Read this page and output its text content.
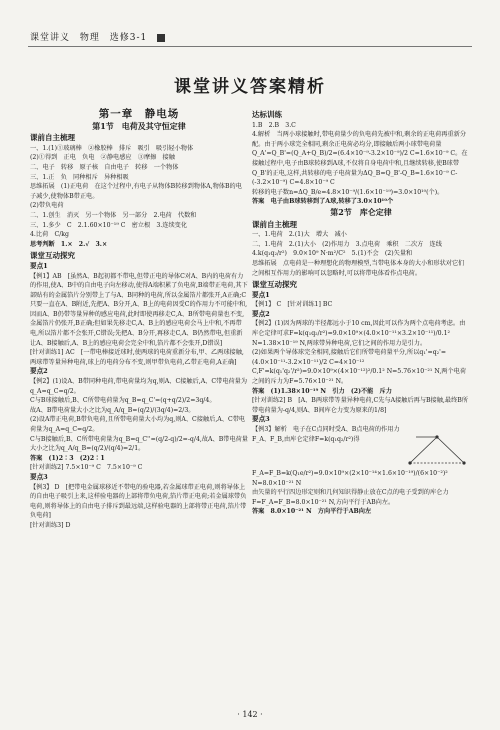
课堂讲义 物理 选修3-1
课堂讲义答案精析
第一章　静电场
第1节　电荷及其守恒定律
课前自主梳理

一、1.(1)①玻璃棒　②橡胶棒　排斥　吸引　吸引轻小物体

(2)①得到　正电　负电　②静电感应　③摩擦　接触

二、电子　转移　原子核　自由电子　转移　一个物体

三、1.正　负　同种相斥　异种相吸

思维拓展　(1)正电荷　在这个过程中,有电子从物体B转移到物体A,物体B的电子减少,使物体B带正电。

(2)带负电荷

二、1.创生　消灭　另一个物体　另一部分　2.电荷　代数和

三、1.多少　C　2.1.60×10⁻¹⁹ C　密立根　3.连续变化

4.比荷　C/kg

思考判断　1.×　2.√　3.×

课堂互动探究

要点1

【例1】AB　[虽然A、B起初都不带电,但带正电的导体C对A、B内的电荷有力的作用,使A、B中的自由电子向左移动,使得A端积累了负电荷,B端带正电荷,其下部贴有的金属箔片分别带上了与A、B同种的电荷,所以金属箔片都张开,A正确;C只要一直在A、B附近,先把A、B分开,A、B上的电荷因受C的作用力不可能中和,因而A、B仍带等量异种的感应电荷,此时即使再移走C,A、B所带电荷量也不变,金属箔片仍张开,B正确;但如果先移走C,A、B上的感应电荷会马上中和,不再带电,所以箔片都不会张开,C错误;先把A、B分开,再移走C,A、B仍然带电,但重新让A、B接触后,A、B上的感应电荷会完全中和,箔片都不会张开,D错误]

[针对训练1] AC　[一带电棒接近球时,使两球的电荷重新分布,甲、乙两球接触,两球带等量异种电荷,球上的电荷分布不变,则甲带负电荷,乙带正电荷,A正确]

要点2

【例2】(1)设A、B带同种电荷,带电荷量均为q,则A、C接触后,A、C带电荷量为q_A=q_C=q/2。

C与B球接触后,B、C所带电荷量为q_B=q_C'=(q+q/2)/2=3q/4。

故A、B带电荷量大小之比为q_A/q_B=(q/2)/(3q/4)=2/3。

(2)设A带正电荷,B带负电荷,且所带电荷量大小均为q,则A、C接触后,A、C带电荷量为q_A=q_C=q/2。

C与B接触后,B、C所带电荷量为q_B=q_C''=(q/2-q)/2=-q/4,故A、B带电荷量大小之比为q_A/q_B=(q/2)/(q/4)=2/1。

答案　(1)2∶3　(2)2∶1

[针对训练2] 7.5×10⁻⁹ C　7.5×10⁻⁹ C

要点3

【例3】 D　[把带电金属球移近不带电的验电器,若金属球带正电荷,则将导体上的自由电子吸引上来,这样验电器的上部将带负电荷,箔片带正电荷;若金属球带负电荷,则将导体上的自由电子排斥到最远端,这样验电器的上部将带正电荷,箔片带负电荷]

[针对训练3] D

达标训练

1.B　2.B　3.C

4.解析　当两小球接触时,带电荷量少的负电荷先被中和,剩余的正电荷再重新分配。由于两小球完全相同,剩余正电荷必均分,即接触后两小球带电荷量Q_A'=Q_B'=(Q_A+Q_B)/2=(6.4×10⁻⁹-3.2×10⁻⁹)/2 C=1.6×10⁻⁹ C。在接触过程中,电子由B球转移到A球,不仅将自身电荷中和,且继续转移,使B球带Q_B'的正电,这样,共转移的电子电荷量为ΔQ_B=Q_B'-Q_B=1.6×10⁻⁹ C-(-3.2×10⁻⁹) C=4.8×10⁻⁹ C

转移的电子数n=ΔQ_B/e=4.8×10⁻⁹/(1.6×10⁻¹⁹)=3.0×10¹⁰(个)。

答案　电子由B球转移到了A球,转移了3.0×10¹⁰个

第2节　库仑定律
课前自主梳理

一、1.电荷　2.(1)大　增大　减小

二、1.电荷　2.(1)大小　(2)作用力　3.点电荷　乘积　二次方　连线　4.k(q₁q₂/r²)　9.0×10⁹ N·m²/C²　5.(1)不会　(2)矢量和

思维拓展　点电荷是一种理想化的物理模型,当带电体本身的大小和形状对它们之间相互作用力的影响可以忽略时,可以将带电体看作点电荷。

课堂互动探究

要点1

【例1】 C　[针对训练1] BC

要点2

【例2】(1)因为两球的半径都远小于10 cm,因此可以作为两个点电荷考虑。由库仑定律可求F=k(q₁q₂/r²)=9.0×10⁹×(4.0×10⁻¹¹×3.2×10⁻¹¹)/0.1² N=1.38×10⁻¹⁹ N,两球带异种电荷,它们之间的作用力是引力。

(2)如果两个导体球完全相同,接触后它们所带电荷量平分,所以q₁'=q₂'=(4.0×10⁻¹¹-3.2×10⁻¹¹)/2 C=4×10⁻¹² C,F'=k(q₁'q₂'/r²)=9.0×10⁹×(4×10⁻¹²)²/0.1² N=5.76×10⁻²¹ N,两个电荷之间的斥力为F=5.76×10⁻²¹ N。

答案　(1)1.38×10⁻¹⁹ N　引力　(2)不能　斥力

[针对训练2] B　[A、B两球带等量异种电荷,C先与A接触后再与B接触,最终B所带电荷量为-q/4,则A、B间库仑力变为原来的1/8]

要点3

【例3】解析　电子在C点同时受A、B点电荷的作用力F_A、F_B,由库仑定律F=k(q₁q₂/r²)得F_A=F_B=k(Q₁e/r²)=9.0×10⁹×(2×10⁻¹⁴×1.6×10⁻¹⁹)/(6×10⁻²)² N=8.0×10⁻²¹ N

由矢量的平行四边形定则和几何知识得静止放在C点的电子受到的库仑力F=F_A=F_B=8.0×10⁻²¹ N,方向平行于AB向左。

答案　8.0×10⁻²¹ N　方向平行于AB向左

· 142 ·
